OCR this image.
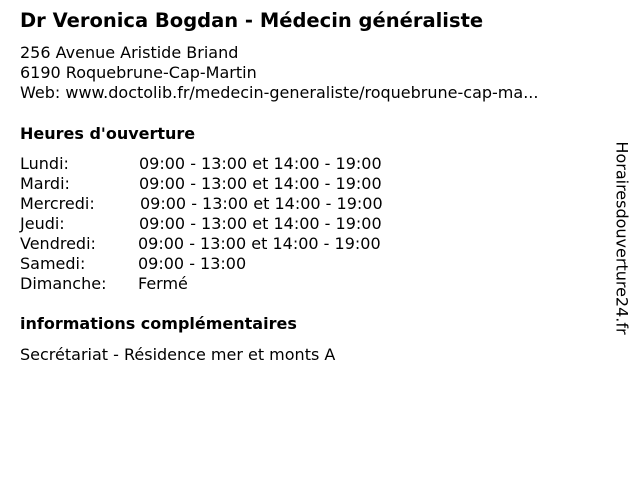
Dr Veronica Bogdan - Médecin généraliste
256 Avenue Aristide Briand
6190 Roquebrune-Cap-Martin
Web: www.doctolib.fr/medecin-generaliste/roquebrune-cap-ma...
Heures d'ouverture
Lundi:	09:00 - 13:00 et 14:00 - 19:00
Mardi:	09:00 - 13:00 et 14:00 - 19:00
Mercredi:	09:00 - 13:00 et 14:00 - 19:00
Jeudi:	09:00 - 13:00 et 14:00 - 19:00
Vendredi:	09:00 - 13:00 et 14:00 - 19:00
Samedi:	09:00 - 13:00
Dimanche: Fermé
informations complémentaires
Secrétariat - Résidence mer et monts A
Horairesdouverture24.fr
